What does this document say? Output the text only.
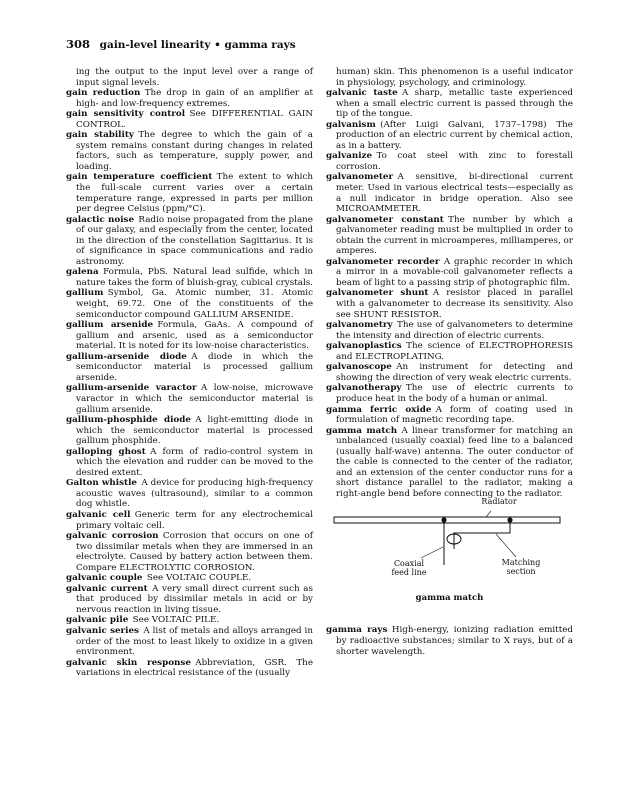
308 gain-level linearity • gamma rays

ing the output to the input level over a range of input signal levels.

gain reduction  The drop in gain of an amplifier at high- and low-frequency extremes.

gain sensitivity control  See DIFFERENTIAL GAIN CONTROL.

gain stability  The degree to which the gain of a system remains constant during changes in related factors, such as temperature, supply power, and loading.

gain temperature coefficient  The extent to which the full-scale current varies over a certain temperature range, expressed in parts per million per degree Celsius (ppm/°C).

galactic noise  Radio noise propagated from the plane of our galaxy, and especially from the center, located in the direction of the constellation Sagittarius. It is of significance in space communications and radio astronomy.

galena  Formula, PbS. Natural lead sulfide, which in nature takes the form of bluish-gray, cubical crystals.

gallium  Symbol, Ga. Atomic number, 31. Atomic weight, 69.72. One of the constituents of the semiconductor compound GALLIUM ARSENIDE.

gallium arsenide  Formula, GaAs. A compound of gallium and arsenic, used as a semiconductor material. It is noted for its low-noise characteristics.

gallium-arsenide diode  A diode in which the semiconductor material is processed gallium arsenide.

gallium-arsenide varactor  A low-noise, microwave varactor in which the semiconductor material is gallium arsenide.

gallium-phosphide diode  A light-emitting diode in which the semiconductor material is processed gallium phosphide.

galloping ghost  A form of radio-control system in which the elevation and rudder can be moved to the desired extent.

Galton whistle  A device for producing high-frequency acoustic waves (ultrasound), similar to a common dog whistle.

galvanic cell  Generic term for any electrochemical primary voltaic cell.

galvanic corrosion  Corrosion that occurs on one of two dissimilar metals when they are immersed in an electrolyte. Caused by battery action between them. Compare ELECTROLYTIC CORROSION.

galvanic couple  See VOLTAIC COUPLE.

galvanic current  A very small direct current such as that produced by dissimilar metals in acid or by nervous reaction in living tissue.

galvanic pile  See VOLTAIC PILE.

galvanic series  A list of metals and alloys arranged in order of the most to least likely to oxidize in a given environment.

galvanic skin response  Abbreviation, GSR. The variations in electrical resistance of the (usually

human) skin. This phenomenon is a useful indicator in physiology, psychology, and criminology.

galvanic taste  A sharp, metallic taste experienced when a small electric current is passed through the tip of the tongue.

galvanism  (After Luigi Galvani, 1737–1798) The production of an electric current by chemical action, as in a battery.

galvanize  To coat steel with zinc to forestall corrosion.

galvanometer  A sensitive, bi-directional current meter. Used in various electrical tests—especially as a null indicator in bridge operation. Also see MICROAMMETER.

galvanometer constant  The number by which a galvanometer reading must be multiplied in order to obtain the current in microamperes, milliamperes, or amperes.

galvanometer recorder  A graphic recorder in which a mirror in a movable-coil galvanometer reflects a beam of light to a passing strip of photographic film.

galvanometer shunt  A resistor placed in parallel with a galvanometer to decrease its sensitivity. Also see SHUNT RESISTOR.

galvanometry  The use of galvanometers to determine the intensity and direction of electric currents.

galvanoplastics  The science of ELECTROPHORESIS and ELECTROPLATING.

galvanoscope  An instrument for detecting and showing the direction of very weak electric currents.

galvanotherapy  The use of electric currents to produce heat in the body of a human or animal.

gamma ferric oxide  A form of coating used in formulation of magnetic recording tape.

gamma match  A linear transformer for matching an unbalanced (usually coaxial) feed line to a balanced (usually half-wave) antenna. The outer conductor of the cable is connected to the center of the radiator, and an extension of the center conductor runs for a short distance parallel to the radiator, making a right-angle bend before connecting to the radiator.

Radiator
Coaxial
feed line
Matching
section
gamma match

gamma rays  High-energy, ionizing radiation emitted by radioactive substances; similar to X rays, but of a shorter wavelength.
